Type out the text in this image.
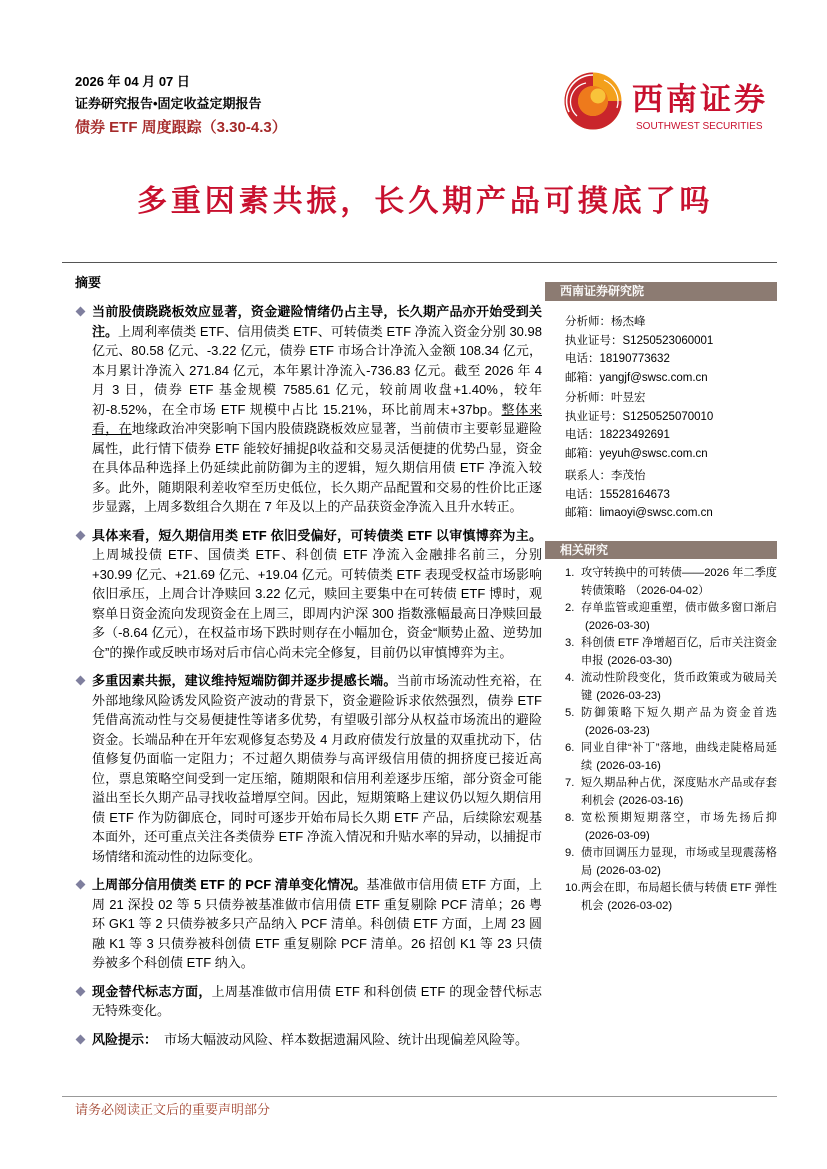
2026 年 04 月 07 日
证券研究报告•固定收益定期报告
债券 ETF 周度跟踪（3.30-4.3）
西南证券
SOUTHWEST SECURITIES
多重因素共振，长久期产品可摸底了吗
摘要
当前股债跷跷板效应显著，资金避险情绪仍占主导，长久期产品亦开始受到关注。上周利率债类 ETF、信用债类 ETF、可转债类 ETF 净流入资金分别 30.98 亿元、80.58 亿元、-3.22 亿元，债券 ETF 市场合计净流入金额 108.34 亿元，本月累计净流入 271.84 亿元，本年累计净流入-736.83 亿元。截至 2026 年 4 月 3 日，债券 ETF 基金规模 7585.61 亿元，较前周收盘+1.40%，较年初-8.52%，在全市场 ETF 规模中占比 15.21%，环比前周末+37bp。整体来看，在地缘政治冲突影响下国内股债跷跷板效应显著，当前债市主要彰显避险属性，此行情下债券 ETF 能较好捕捉β收益和交易灵活便捷的优势凸显，资金在具体品种选择上仍延续此前防御为主的逻辑，短久期信用债 ETF 净流入较多。此外，随期限利差收窄至历史低位，长久期产品配置和交易的性价比正逐步显露，上周多数组合久期在 7 年及以上的产品获资金净流入且升水转正。
具体来看，短久期信用类 ETF 依旧受偏好，可转债类 ETF 以审慎博弈为主。上周城投债 ETF、国债类 ETF、科创债 ETF 净流入金融排名前三，分别+30.99 亿元、+21.69 亿元、+19.04 亿元。可转债类 ETF 表现受权益市场影响依旧承压，上周合计净赎回 3.22 亿元，赎回主要集中在可转债 ETF 博时，观察单日资金流向发现资金在上周三，即周内沪深 300 指数涨幅最高日净赎回最多（-8.64 亿元），在权益市场下跌时则存在小幅加仓，资金“顺势止盈、逆势加仓”的操作或反映市场对后市信心尚未完全修复，目前仍以审慎博弈为主。
多重因素共振，建议维持短端防御并逐步提感长端。当前市场流动性充裕，在外部地缘风险诱发风险资产波动的背景下，资金避险诉求依然强烈，债券 ETF 凭借高流动性与交易便捷性等诸多优势，有望吸引部分从权益市场流出的避险资金。长端品种在开年宏观修复态势及 4 月政府债发行放量的双重扰动下，估值修复仍面临一定阻力；不过超久期债券与高评级信用债的拥挤度已接近高位，票息策略空间受到一定压缩，随期限和信用利差逐步压缩，部分资金可能溢出至长久期产品寻找收益增厚空间。因此，短期策略上建议仍以短久期信用债 ETF 作为防御底仓，同时可逐步开始布局长久期 ETF 产品，后续除宏观基本面外，还可重点关注各类债券 ETF 净流入情况和升贴水率的异动，以捕捉市场情绪和流动性的边际变化。
上周部分信用债类 ETF 的 PCF 清单变化情况。基准做市信用债 ETF 方面，上周 21 深投 02 等 5 只债券被基准做市信用债 ETF 重复剔除 PCF 清单；26 粤环 GK1 等 2 只债券被多只产品纳入 PCF 清单。科创债 ETF 方面，上周 23 圆融 K1 等 3 只债券被科创债 ETF 重复剔除 PCF 清单。26 招创 K1 等 23 只债券被多个科创债 ETF 纳入。
现金替代标志方面，上周基准做市信用债 ETF 和科创债 ETF 的现金替代标志无特殊变化。
风险提示： 市场大幅波动风险、样本数据遗漏风险、统计出现偏差风险等。
西南证券研究院
分析师：杨杰峰
执业证号：S1250523060001
电话：18190773632
邮箱：yangjf@swsc.com.cn
分析师：叶昱宏
执业证号：S1250525070010
电话：18223492691
邮箱：yeyuh@swsc.com.cn
联系人：李茂怡
电话：15528164673
邮箱：limaoyi@swsc.com.cn
相关研究
1. 攻守转换中的可转债——2026 年二季度转债策略 （2026-04-02）
2. 存单监管或迎重塑，债市做多窗口渐启(2026-03-30)
3. 科创债 ETF 净增超百亿，后市关注资金申报 (2026-03-30)
4. 流动性阶段变化，货币政策或为破局关键 (2026-03-23)
5. 防御策略下短久期产品为资金首选(2026-03-23)
6. 同业自律“补丁”落地，曲线走陡格局延续 (2026-03-16)
7. 短久期品种占优，深度贴水产品或存套利机会 (2026-03-16)
8. 宽松预期短期落空，市场先扬后抑(2026-03-09)
9. 债市回调压力显现，市场或呈现震荡格局 (2026-03-02)
10. 两会在即，布局超长债与转债 ETF 弹性机会 (2026-03-02)
请务必阅读正文后的重要声明部分
